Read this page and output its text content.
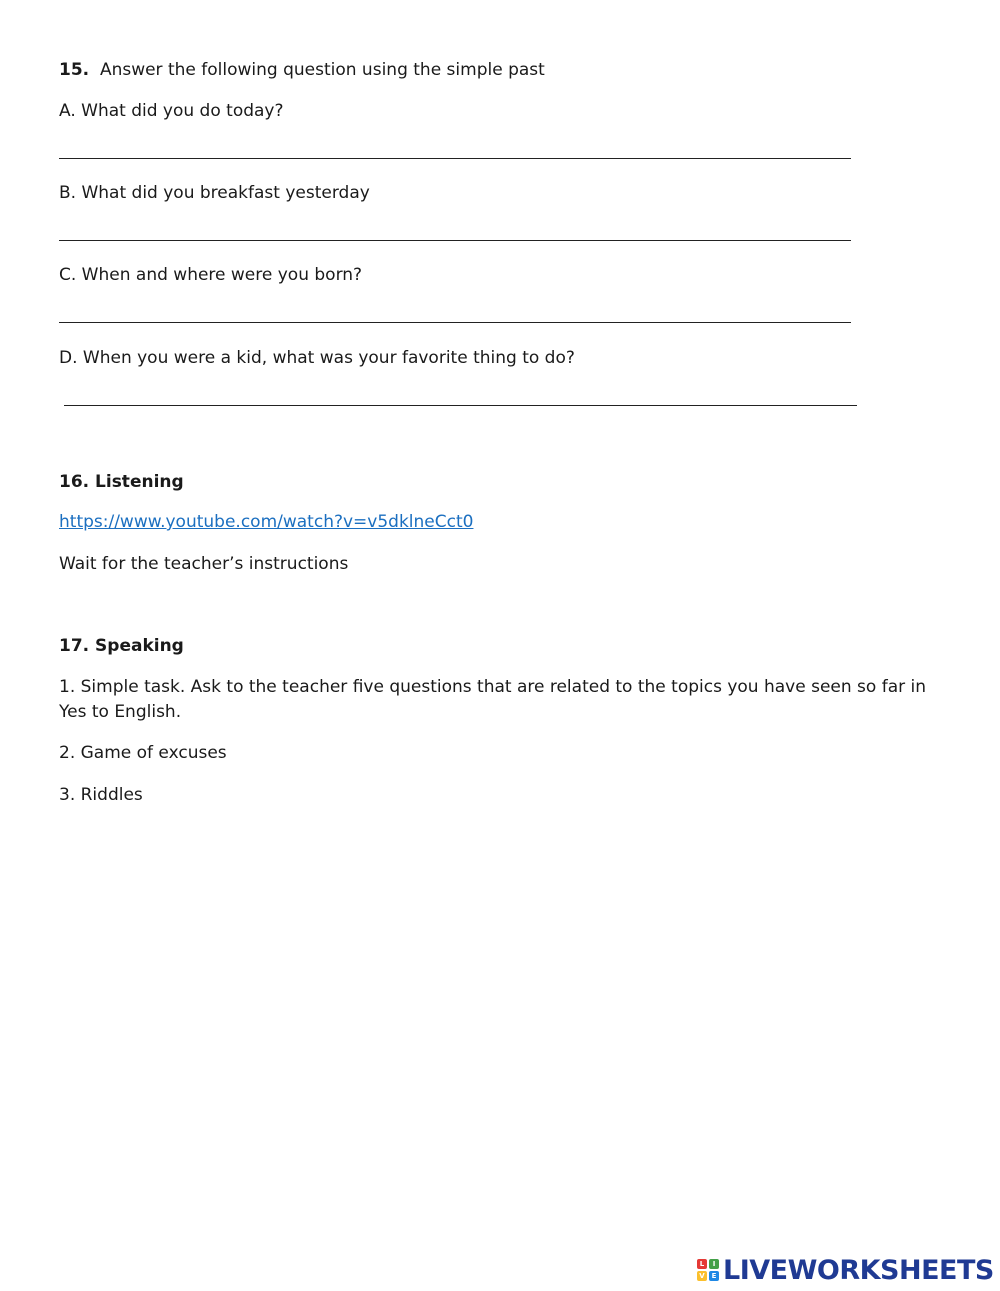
15. Answer the following question using the simple past
A. What did you do today?
B. What did you breakfast yesterday
C. When and where were you born?
D. When you were a kid, what was your favorite thing to do?
16. Listening
https://www.youtube.com/watch?v=v5dklneCct0
Wait for the teacher’s instructions
17. Speaking
1. Simple task. Ask to the teacher five questions that are related to the topics you have seen so far in Yes to English.
2. Game of excuses
3. Riddles
L	I
V E LIVEWORKSHEETS
